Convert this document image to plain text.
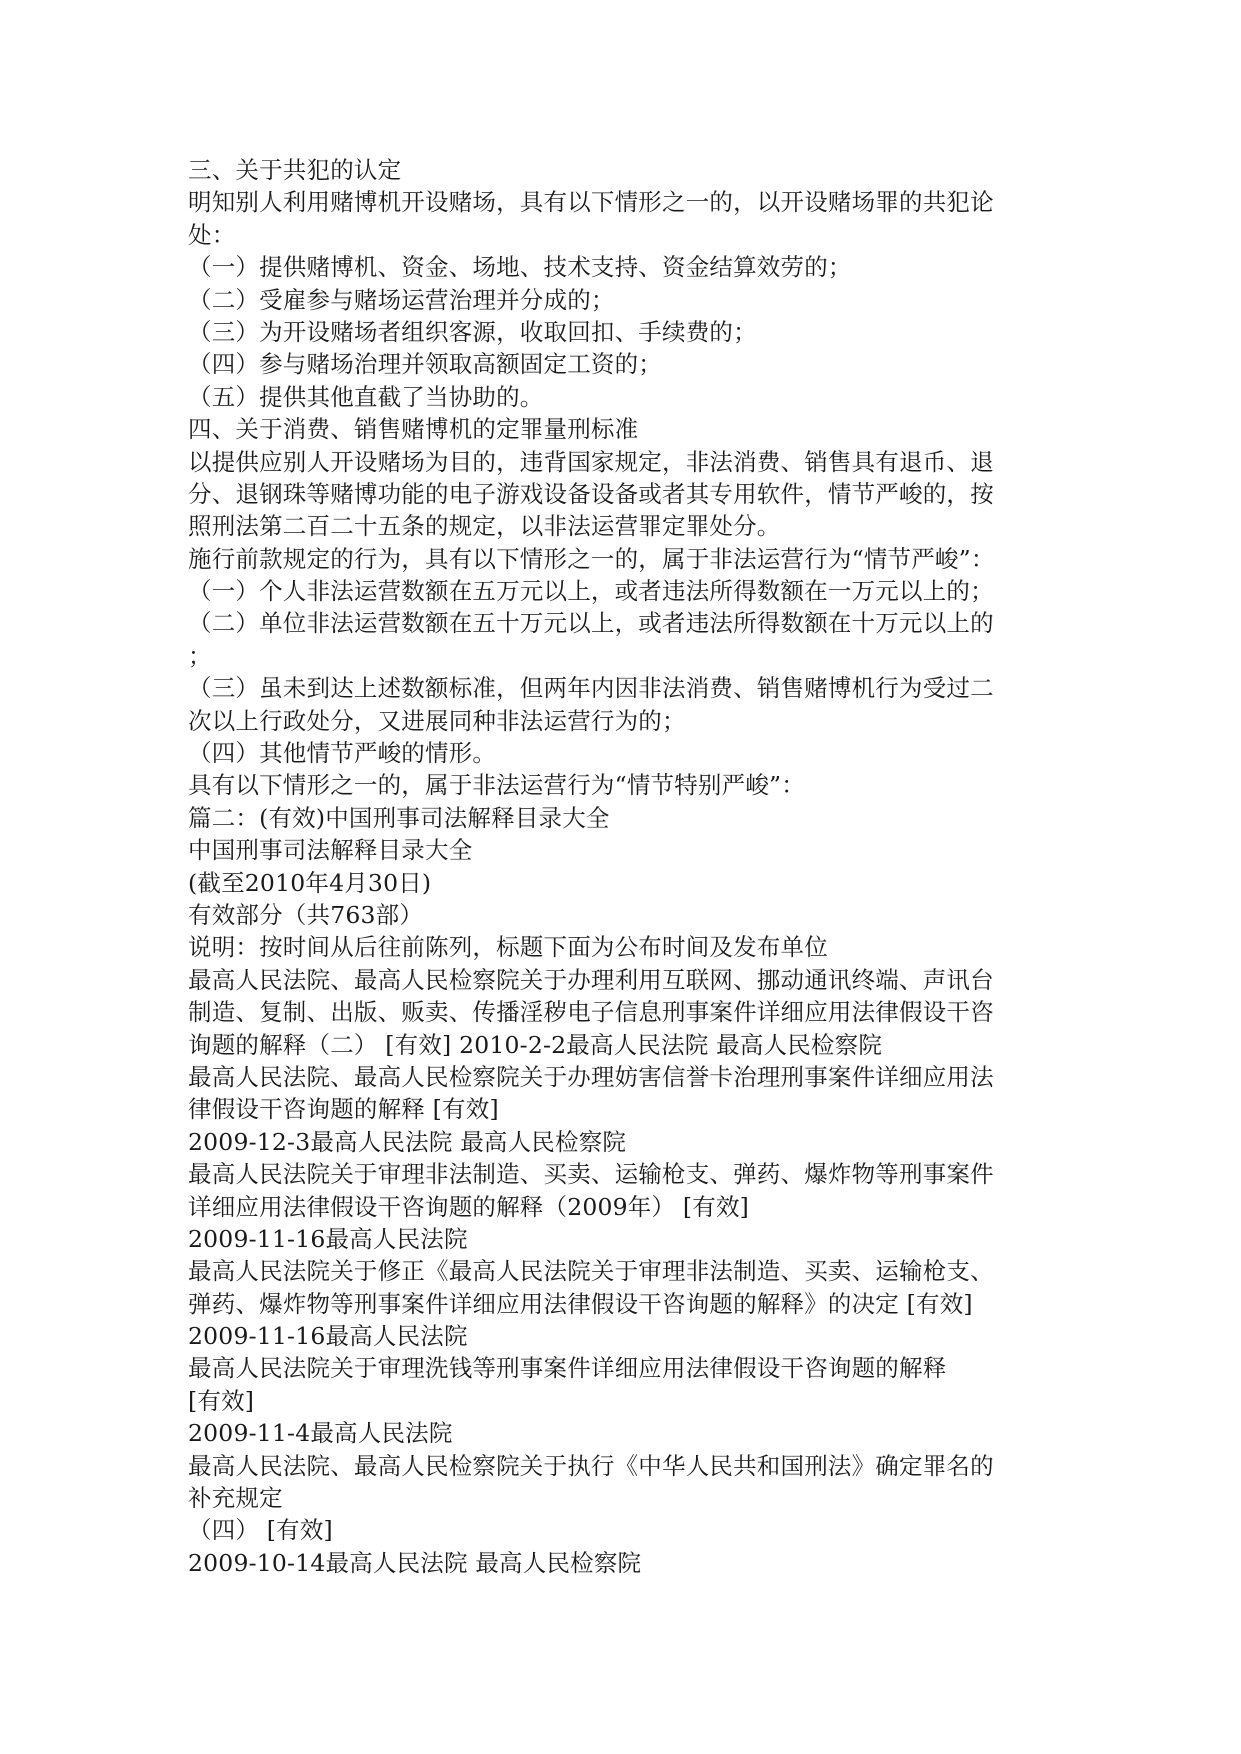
三、关于共犯的认定
明知别人利用赌博机开设赌场，具有以下情形之一的，以开设赌场罪的共犯论
处：
（一）提供赌博机、资金、场地、技术支持、资金结算效劳的；
（二）受雇参与赌场运营治理并分成的；
（三）为开设赌场者组织客源，收取回扣、手续费的；
（四）参与赌场治理并领取高额固定工资的；
（五）提供其他直截了当协助的。
四、关于消费、销售赌博机的定罪量刑标准
以提供应别人开设赌场为目的，违背国家规定，非法消费、销售具有退币、退
分、退钢珠等赌博功能的电子游戏设备设备或者其专用软件，情节严峻的，按
照刑法第二百二十五条的规定，以非法运营罪定罪处分。
施行前款规定的行为，具有以下情形之一的，属于非法运营行为“情节严峻”：
（一）个人非法运营数额在五万元以上，或者违法所得数额在一万元以上的；
（二）单位非法运营数额在五十万元以上，或者违法所得数额在十万元以上的
；
（三）虽未到达上述数额标准，但两年内因非法消费、销售赌博机行为受过二
次以上行政处分，又进展同种非法运营行为的；
（四）其他情节严峻的情形。
具有以下情形之一的，属于非法运营行为“情节特别严峻”：
篇二：(有效)中国刑事司法解释目录大全
中国刑事司法解释目录大全
(截至2010年4月30日)
有效部分（共763部）
说明：按时间从后往前陈列，标题下面为公布时间及发布单位
最高人民法院、最高人民检察院关于办理利用互联网、挪动通讯终端、声讯台
制造、复制、出版、贩卖、传播淫秽电子信息刑事案件详细应用法律假设干咨
询题的解释（二） [有效] 2010-2-2最高人民法院 最高人民检察院
最高人民法院、最高人民检察院关于办理妨害信誉卡治理刑事案件详细应用法
律假设干咨询题的解释 [有效]
2009-12-3最高人民法院 最高人民检察院
最高人民法院关于审理非法制造、买卖、运输枪支、弹药、爆炸物等刑事案件
详细应用法律假设干咨询题的解释（2009年） [有效]
2009-11-16最高人民法院
最高人民法院关于修正《最高人民法院关于审理非法制造、买卖、运输枪支、
弹药、爆炸物等刑事案件详细应用法律假设干咨询题的解释》的决定 [有效]
2009-11-16最高人民法院
最高人民法院关于审理洗钱等刑事案件详细应用法律假设干咨询题的解释
[有效]
2009-11-4最高人民法院
最高人民法院、最高人民检察院关于执行《中华人民共和国刑法》确定罪名的
补充规定
（四） [有效]
2009-10-14最高人民法院 最高人民检察院
